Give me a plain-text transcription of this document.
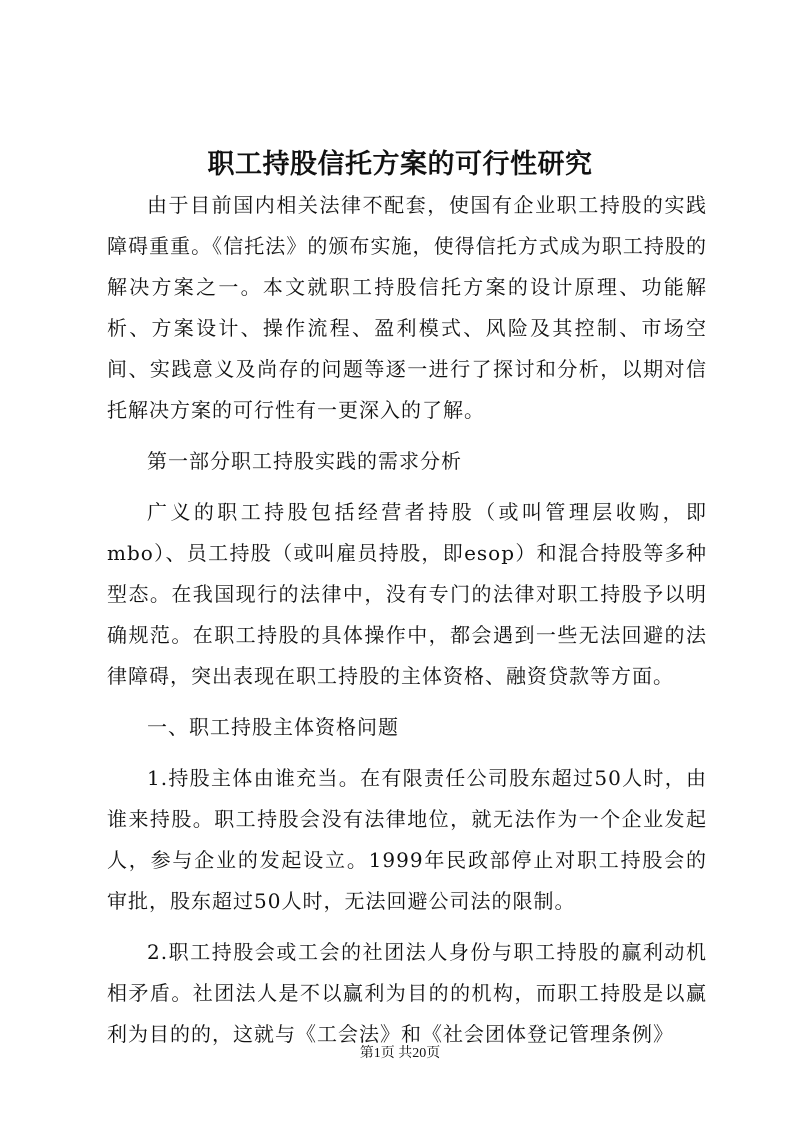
职工持股信托方案的可行性研究

由于目前国内相关法律不配套，使国有企业职工持股的实践障碍重重。《信托法》的颁布实施，使得信托方式成为职工持股的解决方案之一。本文就职工持股信托方案的设计原理、功能解析、方案设计、操作流程、盈利模式、风险及其控制、市场空间、实践意义及尚存的问题等逐一进行了探讨和分析，以期对信托解决方案的可行性有一更深入的了解。

第一部分职工持股实践的需求分析

广义的职工持股包括经营者持股（或叫管理层收购，即mbo）、员工持股（或叫雇员持股，即esop）和混合持股等多种型态。在我国现行的法律中，没有专门的法律对职工持股予以明确规范。在职工持股的具体操作中，都会遇到一些无法回避的法律障碍，突出表现在职工持股的主体资格、融资贷款等方面。

一、职工持股主体资格问题

1.持股主体由谁充当。在有限责任公司股东超过50人时，由谁来持股。职工持股会没有法律地位，就无法作为一个企业发起人，参与企业的发起设立。1999年民政部停止对职工持股会的审批，股东超过50人时，无法回避公司法的限制。

2.职工持股会或工会的社团法人身份与职工持股的赢利动机相矛盾。社团法人是不以赢利为目的的机构，而职工持股是以赢利为目的的，这就与《工会法》和《社会团体登记管理条例》

第1页 共20页
